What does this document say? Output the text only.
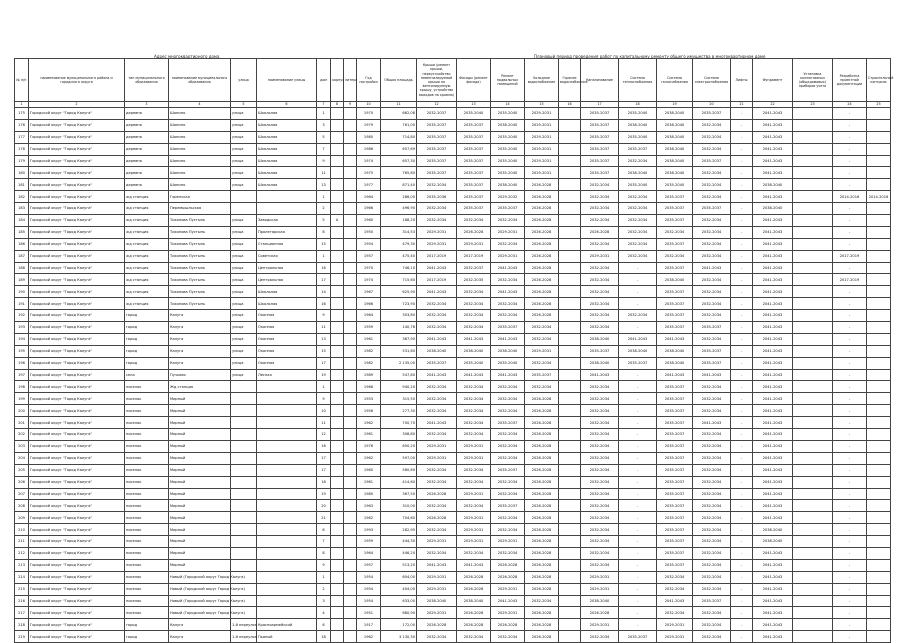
Адрес многоквартирного дома	Плановый период проведения работ по капитальному ремонту общего имущества в многоквартирном доме
№ п/п	наименование муниципального района и городского округа	тип муниципального образования	наименование муниципального образования	улица	наименование улицы	дом	корпус	литера	Год постройки	Общая площадь	Крыши (ремонт крыши, переустройство невентилируемой крыши на вентилируемую крышу, устройство выходов на кровлю)	Фасады (ремонт фасада)	Ремонт подвальных помещений	Холодное водоснабжение	Горячее водоснабжение	Канализование	Система теплоснабжения	Система газоснабжения	Система электроснабжения	Лифты	Фундамент	Установка коллективных (общедомовых) приборов учета	Разработка проектной документации	Строительный контроль
1	2	3	4	5	6	7	8	9	10	11	12	13	14	15	16	17	18	19	20	21	22	23	24	25
175	Городской округ "Город Калуга"	деревня	Шопино	улица	Школьная	1			1970	662,08	2032-2037	2035-2040	2035-2040	2029-2031		2035-2037	2035-2040	2038-2040	2035-2037	-	2041-2043		-	
176	Городской округ "Город Калуга"	деревня	Шопино	улица	Школьная	3			1979	761,00	2035-2037	2035-2037	2038-2040	2029-2031		2035-2037	2038-2040	2038-2040	2032-2034	-	2041-2043		-	
177	Городской округ "Город Калуга"	деревня	Шопино	улица	Школьная	5			1980	714,80	2035-2037	2035-2037	2035-2040	2029-2031		2035-2037	2035-2040	2038-2040	2032-2034	-	2041-2043		-	
178	Городской округ "Город Калуга"	деревня	Шопино	улица	Школьная	7			1986	657,69	2035-2037	2035-2037	2035-2040	2029-2031		2035-2037	2035-2037	2038-2040	2032-2034	-	2041-2043		-	
179	Городской округ "Город Калуга"	деревня	Шопино	улица	Школьная	9			1974	657,30	2035-2037	2035-2037	2035-2040	2029-2031		2035-2037	2032-2034	2038-2040	2035-2037	-	2041-2043		-	
180	Городской округ "Город Калуга"	деревня	Шопино	улица	Школьная	11			1975	765,60	2035-2037	2035-2037	2035-2040	2029-2031		2035-2037	2038-2040	2038-2040	2032-2034	-	2041-2043		-	
181	Городской округ "Город Калуга"	деревня	Шопино	улица	Школьная	13			1977	871,40	2032-2034	2035-2037	2038-2040	2026-2028		2032-2034	2035-2040	2035-2040	2032-2034	-	2038-2040		-	
182	Городской округ "Город Калуга"	жд станция	Горенская			1			1964	286,00	2035-2036	2035-2037	2029-2032	2026-2028		2032-2034	2032-2034	2035-2037	2032-2034	-	2041-2043		2014-2016	2014-2016
183	Городской округ "Город Калуга"	жд станция	Перемышльская			2			1966	496,90	2032-2034	2035-2037	2035-2037	2026-2028		2032-2034	2032-2034	2035-2037	2035-2037	-	2038-2040		-	
184	Городской округ "Город Калуга"	жд станция	Тихонова Пустынь	улица	Заводская	5	А		1960	188,20	2032-2034	2032-2034	2032-2034	2026-2028		2032-2034	2032-2034	2035-2037	2032-2034	-	2041-2043		-	
185	Городской округ "Город Калуга"	жд станция	Тихонова Пустынь	улица	Пролетарская	8			1950	314,53	2029-2031	2026-2028	2029-2031	2026-2028		2026-2028	2032-2034	2032-2034	2032-2034	-	2041-2043		-	
186	Городской округ "Город Калуга"	жд станция	Тихонова Пустынь	улица	Станционная	15			1954	479,30	2029-2031	2029-2031	2032-2034	2026-2028		2032-2034	2032-2034	2035-2037	2032-2034	-	2041-2043		-	
187	Городской округ "Город Калуга"	жд станция	Тихонова Пустынь	улица	Советская	1			1957	475,40	2017-2019	2017-2019	2029-2031	2026-2028		2029-2031	2032-2034	2032-2034	2032-2034	-	2041-2043		2017-2019	
188	Городской округ "Город Калуга"	жд станция	Тихонова Пустынь	улица	Центральная	16			1970	746,10	2041-2043	2032-2037	2041-2043	2026-2028		2032-2034	-	2035-2037	2041-2043	-	2041-2043		-	
189	Городской округ "Город Калуга"	жд станция	Тихонова Пустынь	улица	Центральная	17			1974	715,60	2017-2019	2032-2035	2032-2034	2026-2028		2032-2034	-	2038-2040	2032-2034	-	2041-2043		2017-2019	
190	Городской округ "Город Калуга"	жд станция	Тихонова Пустынь	улица	Школьная	14			1967	625,90	2041-2043	2032-2034	2041-2043	2026-2028		2032-2034	-	2035-2037	2032-2034	-	2041-2043		-	
191	Городской округ "Город Калуга"	жд станция	Тихонова Пустынь	улица	Школьная	16			1966	723,90	2032-2034	2032-2034	2032-2034	2026-2028		2032-2034	-	2035-2037	2032-2034	-	2041-2043		-	
192	Городской округ "Город Калуга"	город	Калуга	улица	Окопная	9			1964	303,80	2032-2034	2032-2034	2032-2034	2026-2028		2032-2034	2032-2034	2035-2037	2032-2034	-	2041-2043		-	
193	Городской округ "Город Калуга"	город	Калуга	улица	Окопная	11			1959	140,76	2032-2034	2032-2034	2035-2037	2032-2034		2032-2034	-	2035-2037	2035-2037	-	2041-2043		-	
194	Городской округ "Город Калуга"	город	Калуга	улица	Окопная	13			1961	387,90	2041-2043	2041-2043	2041-2043	2032-2034		2038-2040	2041-2043	2041-2043	2032-2034	-	2041-2043		-	
195	Городской округ "Город Калуга"	город	Калуга	улица	Окопная	15			1982	531,60	2038-2040	2038-2040	2038-2040	2029-2031		2035-2037	2038-2040	2038-2040	2035-2037	-	2041-2043		-	
196	Городской округ "Город Калуга"	город	Калуга	улица	Окопная	17			1982	2 135,00	2035-2037	2035-2040	2035-2040	2032-2034		2038-2040	2035-2037	2038-2040	2035-2037	-	2041-2043		-	
197	Городской округ "Город Калуга"	село	Пучково	улица	Лесная	19			1989	547,80	2041-2043	2041-2043	2041-2043	2035-2037		2041-2043	-	2041-2043	2041-2043	-	2041-2043		-	
198	Городской округ "Город Калуга"	поселок	Жд станция			1			1966	940,20	2032-2034	2032-2034	2032-2034	2032-2034		2032-2034	-	2035-2037	2032-2034	-	2041-2043		-	
199	Городской округ "Город Калуга"	поселок	Мирный			9			1953	315,50	2032-2034	2032-2034	2032-2034	2026-2028		2032-2034	-	2035-2037	2032-2034	-	2041-2043		-	
200	Городской округ "Город Калуга"	поселок	Мирный			10			1956	277,30	2032-2034	2032-2034	2032-2034	2026-2028		2032-2034	-	2035-2037	2032-2034	-	2041-2043		-	
201	Городской округ "Город Калуга"	поселок	Мирный			11			1962	700,70	2041-2043	2032-2034	2035-2037	2026-2028		2032-2034	-	2035-2037	2041-2043	-	2041-2043		-	
202	Городской округ "Город Калуга"	поселок	Мирный			12			1961	308,80	2032-2034	2032-2034	2032-2034	2026-2028		2032-2034	-	2035-2037	2032-2034	-	2041-2043		-	
203	Городской округ "Город Калуга"	поселок	Мирный			16			1976	650,20	2029-2031	2029-2031	2032-2034	2026-2028		2032-2034	-	2035-2037	2032-2034	-	2041-2043		-	
204	Городской округ "Город Калуга"	поселок	Мирный			17			1962	597,00	2029-2031	2029-2031	2032-2034	2026-2028		2032-2034	-	2035-2037	2032-2034	-	2041-2043		-	
205	Городской округ "Город Калуга"	поселок	Мирный			17			1960	580,60	2032-2034	2032-2034	2035-2037	2026-2028		2032-2034	-	2035-2037	2032-2034	-	2041-2043		-	
206	Городской округ "Город Калуга"	поселок	Мирный			18			1961	414,60	2032-2034	2032-2034	2032-2034	2026-2028		2032-2034	-	2035-2037	2032-2034	-	2041-2043		-	
207	Городской округ "Город Калуга"	поселок	Мирный			19			1980	367,50	2026-2028	2029-2031	2032-2034	2026-2028		2032-2034	-	2035-2037	2032-2034	-	2041-2043		-	
208	Городской округ "Город Калуга"	поселок	Мирный			20			1963	310,00	2032-2034	2032-2034	2035-2037	2026-2028		2032-2034	-	2035-2037	2032-2034	-	2041-2043		-	
209	Городской округ "Город Калуга"	поселок	Мирный			21			1962	704,60	2026-2028	2029-2031	2032-2034	2026-2028		2032-2034	-	2035-2037	2032-2034	-	2041-2043		-	
210	Городской округ "Город Калуга"	поселок	Мирный			6			1993	282,95	2032-2034	2029-2031	2032-2034	2026-2028		2032-2034	-	2035-2037	2032-2034	-	2038-2040		-	
211	Городской округ "Город Калуга"	поселок	Мирный			7			1959	444,30	2029-2031	2029-2031	2029-2031	2026-2028		2032-2034	-	2035-2037	2032-2034	-	2038-2040		-	
212	Городской округ "Город Калуга"	поселок	Мирный			8			1964	446,20	2032-2034	2032-2034	2032-2034	2026-2028		2032-2034	-	2035-2037	2032-2034	-	2041-2043		-	
213	Городской округ "Город Калуга"	поселок	Мирный			9			1957	513,20	2041-2043	2041-2043	2026-2028	2026-2028		2032-2034	-	2035-2037	2032-2034	-	2041-2043		-	
214	Городской округ "Город Калуга"	поселок	Новый (Городской округ Город Калуга)			1			1954	604,00	2029-2031	2026-2028	2026-2028	2026-2028		2029-2031	-	2032-2034	2032-2034	-	2041-2043		-	
215	Городской округ "Город Калуга"	поселок	Новый (Городской округ Город Калуга)			2			1954	404,00	2029-2031	2026-2028	2029-2031	2026-2028		2029-2031	-	2032-2034	2032-2034	-	2041-2043		-	
216	Городской округ "Город Калуга"	поселок	Новый (Городской округ Город Калуга)			3			1954	633,00	2038-2040	2038-2040	2041-2043	2032-2034		2038-2040	-	2041-2043	2035-2037	-	2041-2043		-	
217	Городской округ "Город Калуга"	поселок	Новый (Городской округ Город Калуга)			4			1951	680,90	2029-2031	2026-2028	2029-2031	2026-2028		2026-2028	-	2032-2034	2032-2034	-	2041-2043		-	
218	Городской округ "Город Калуга"	город	Калуга	1-й переулок	Красноармейский	6			1917	172,00	2026-2028	2026-2028	2026-2028	2026-2028		2029-2031	-	2029-2031	2032-2034	-	2041-2043		-	
219	Городской округ "Город Калуга"	город	Калуга	1-й переулок	Пьяный	18			1962	3 130,30	2032-2034	2032-2034	2032-2034	2026-2028		2032-2034	2035-2037	2029-2031	2032-2034	-	2041-2043		-	
